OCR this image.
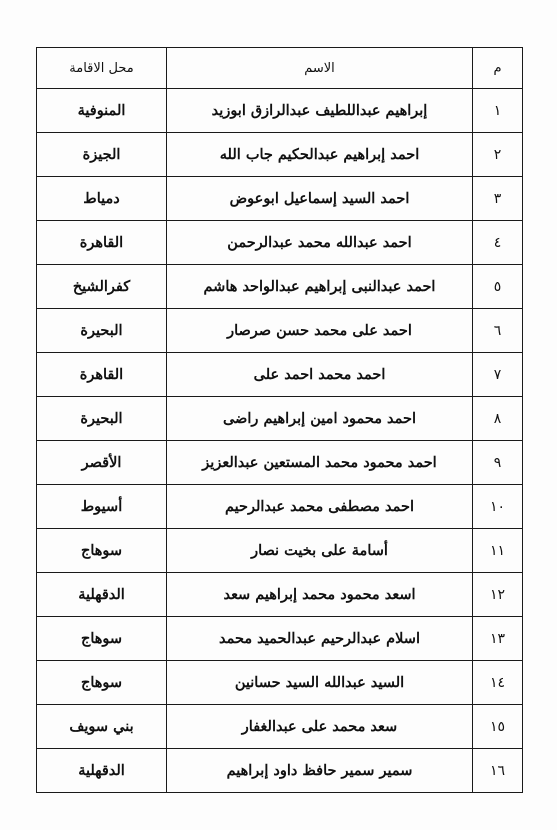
م	الاسم	محل الاقامة
١	إبراهيم عبداللطيف عبدالرازق ابوزيد	المنوفية
٢	احمد إبراهيم عبدالحكيم جاب الله	الجيزة
٣	احمد السيد إسماعيل ابوعوض	دمياط
٤	احمد عبدالله محمد عبدالرحمن	القاهرة
٥	احمد عبدالنبى إبراهيم عبدالواحد هاشم	كفرالشيخ
٦	احمد على محمد حسن صرصار	البحيرة
٧	احمد محمد احمد على	القاهرة
٨	احمد محمود امين إبراهيم راضى	البحيرة
٩	احمد محمود محمد المستعين عبدالعزيز	الأقصر
١٠	احمد مصطفى محمد عبدالرحيم	أسيوط
١١	أسامة على بخيت نصار	سوهاج
١٢	اسعد محمود محمد إبراهيم سعد	الدقهلية
١٣	اسلام عبدالرحيم عبدالحميد محمد	سوهاج
١٤	السيد عبدالله السيد حسانين	سوهاج
١٥	سعد محمد على عبدالغفار	بني سويف
١٦	سمير سمير حافظ داود إبراهيم	الدقهلية
